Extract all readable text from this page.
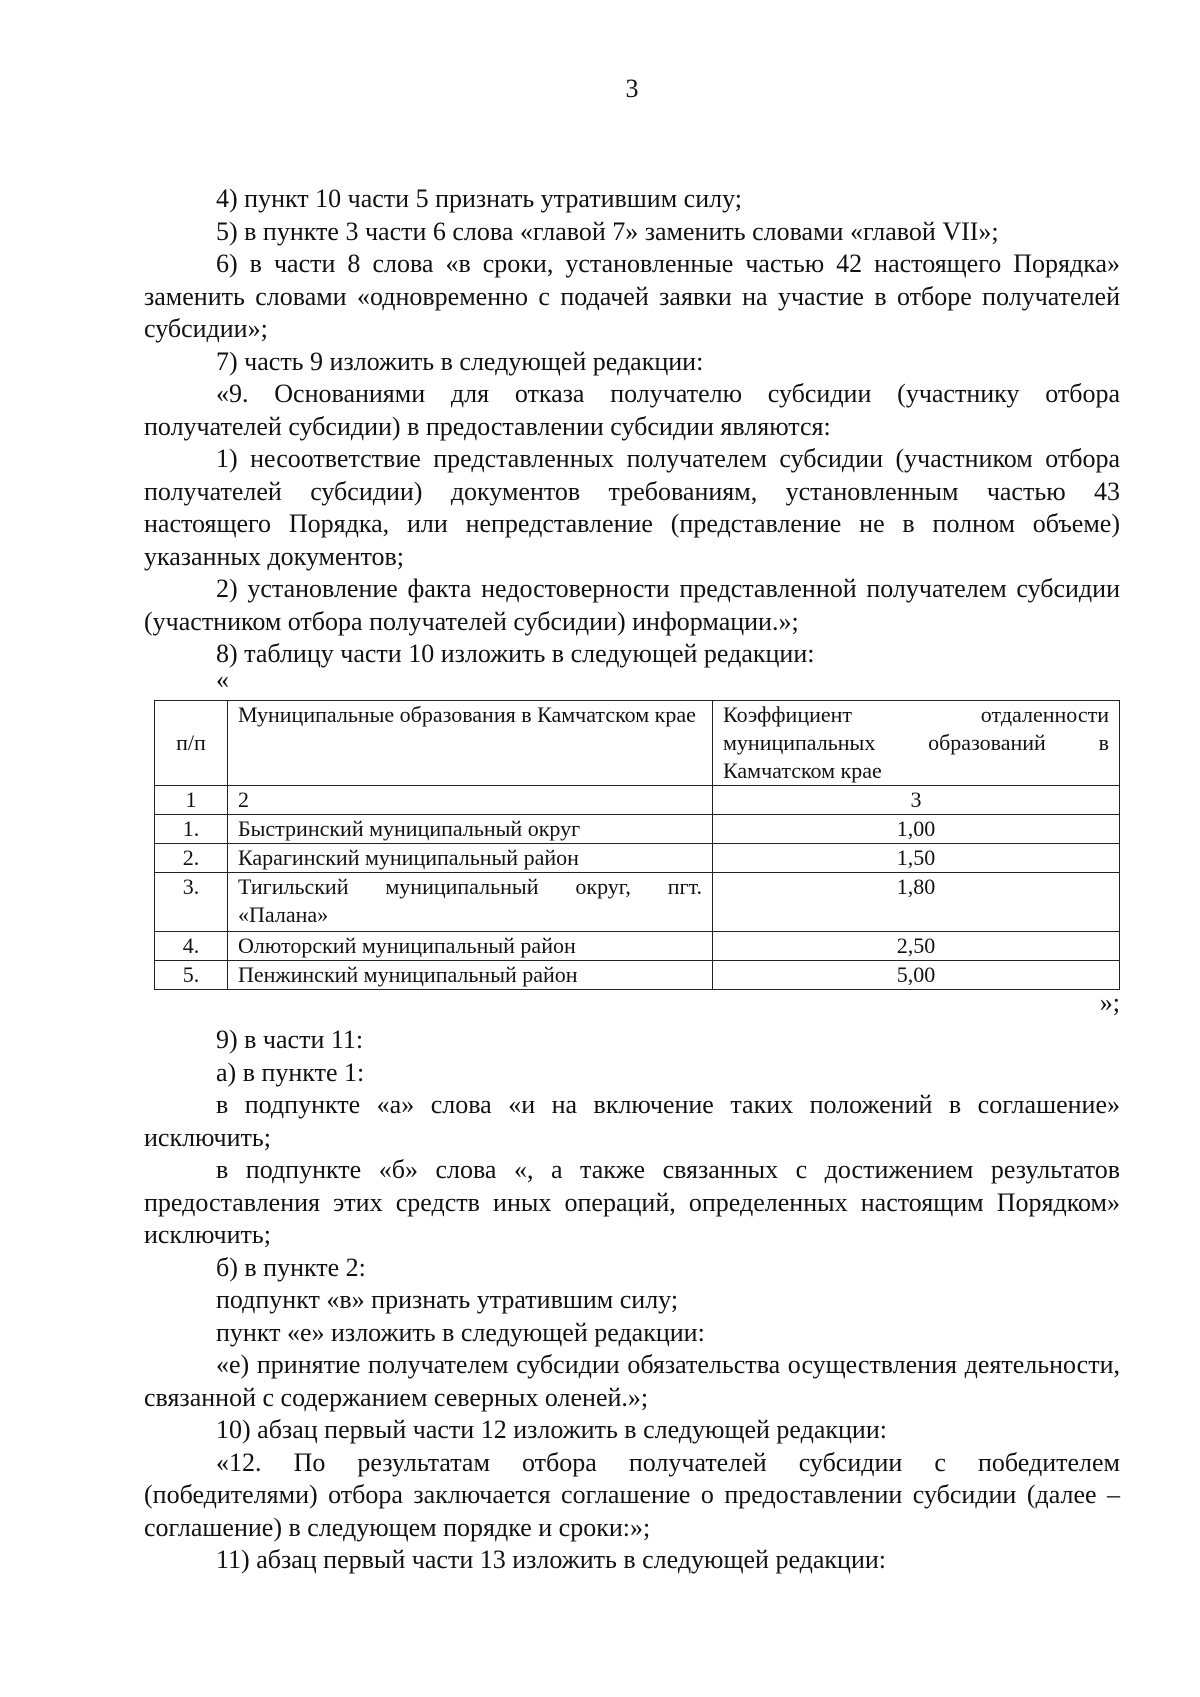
3

4) пункт 10 части 5 признать утратившим силу;

5) в пункте 3 части 6 слова «главой 7» заменить словами «главой VII»;

6) в части 8 слова «в сроки, установленные частью 42 настоящего Порядка» заменить словами «одновременно с подачей заявки на участие в отборе получателей субсидии»;

7) часть 9 изложить в следующей редакции:

«9. Основаниями для отказа получателю субсидии (участнику отбора получателей субсидии) в предоставлении субсидии являются:

1) несоответствие представленных получателем субсидии (участником отбора получателей субсидии) документов требованиям, установленным частью 43 настоящего Порядка, или непредставление (представление не в полном объеме) указанных документов;

2) установление факта недостоверности представленной получателем субсидии (участником отбора получателей субсидии) информации.»;

8) таблицу части 10 изложить в следующей редакции:

«
п/п	Муниципальные образования в Камчатском крае	Коэффициент отдаленности муниципальных образований в Камчатском крае
1	2	3
1.	Быстринский муниципальный округ	1,00
2.	Карагинский муниципальный район	1,50
3.	Тигильский муниципальный округ, пгт. «Палана»	1,80
4.	Олюторский муниципальный район	2,50
5.	Пенжинский муниципальный район	5,00
»;

9) в части 11:

а) в пункте 1:

в подпункте «а» слова «и на включение таких положений в соглашение» исключить;

в подпункте «б» слова «, а также связанных с достижением результатов предоставления этих средств иных операций, определенных настоящим Порядком» исключить;

б) в пункте 2:

подпункт «в» признать утратившим силу;

пункт «е» изложить в следующей редакции:

«е) принятие получателем субсидии обязательства осуществления деятельности, связанной с содержанием северных оленей.»;

10) абзац первый части 12 изложить в следующей редакции:

«12. По результатам отбора получателей субсидии с победителем (победителями) отбора заключается соглашение о предоставлении субсидии (далее – соглашение) в следующем порядке и сроки:»;

11) абзац первый части 13 изложить в следующей редакции:
